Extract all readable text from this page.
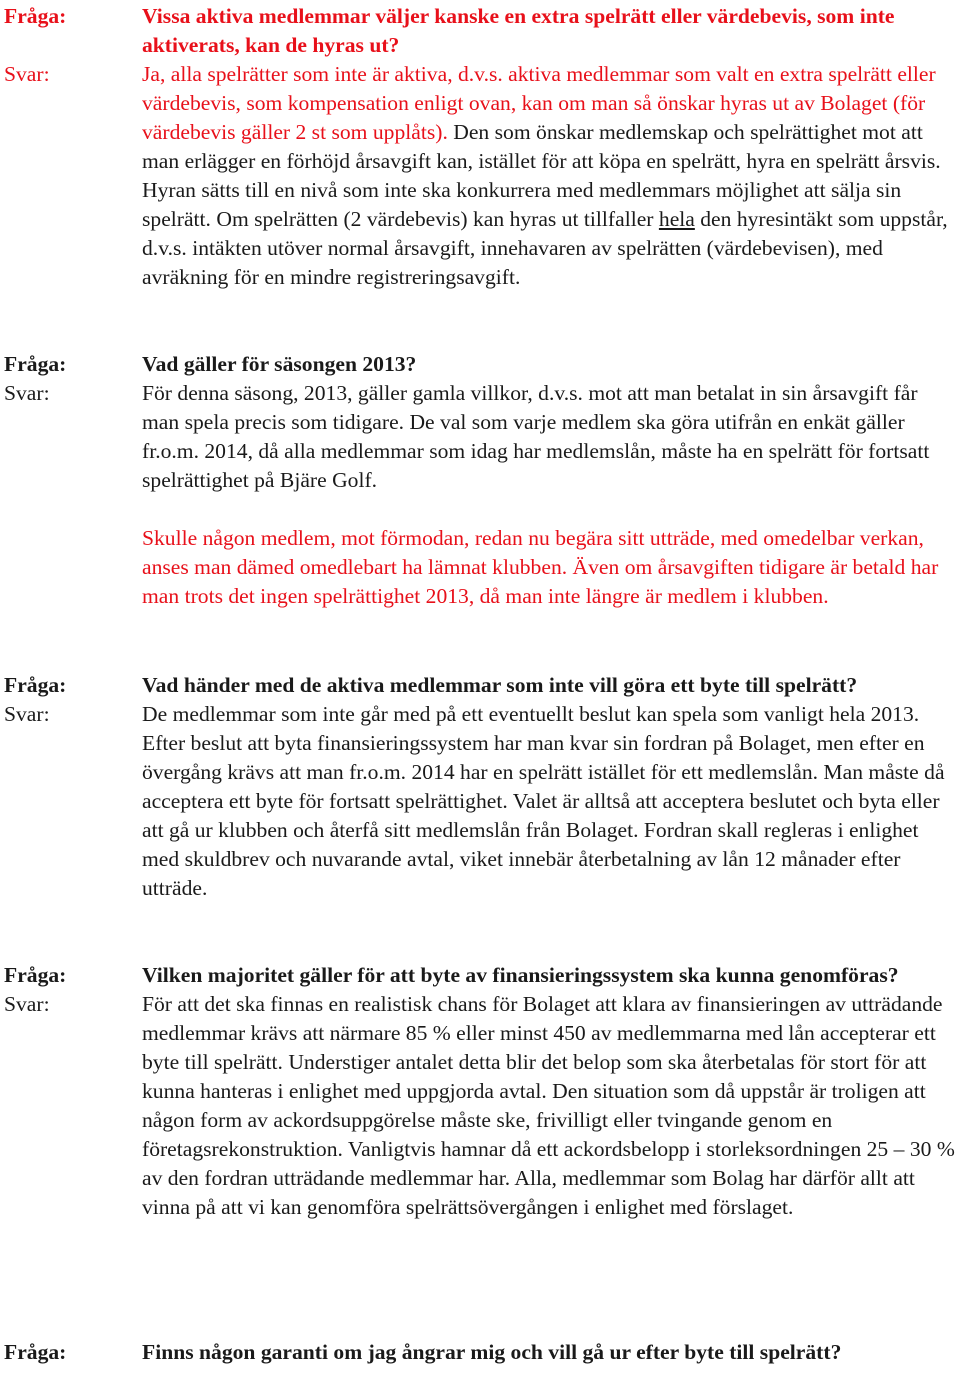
Fråga:	Vissa aktiva medlemmar väljer kanske en extra spelrätt eller värdebevis, som inte aktiverats, kan de hyras ut?
Svar:	Ja, alla spelrätter som inte är aktiva, d.v.s. aktiva medlemmar som valt en extra spelrätt eller värdebevis, som kompensation enligt ovan, kan om man så önskar hyras ut av Bolaget (för värdebevis gäller 2 st som upplåts). Den som önskar medlemskap och spelrättighet mot att man erlägger en förhöjd årsavgift kan, istället för att köpa en spelrätt, hyra en spelrätt årsvis. Hyran sätts till en nivå som inte ska konkurrera med medlemmars möjlighet att sälja sin spelrätt. Om spelrätten (2 värdebevis) kan hyras ut tillfaller hela den hyresintäkt som uppstår, d.v.s. intäkten utöver normal årsavgift, innehavaren av spelrätten (värdebevisen), med avräkning för en mindre registreringsavgift.
Fråga:	Vad gäller för säsongen 2013?
Svar:	För denna säsong, 2013, gäller gamla villkor, d.v.s. mot att man betalat in sin årsavgift får man spela precis som tidigare. De val som varje medlem ska göra utifrån en enkät gäller fr.o.m. 2014, då alla medlemmar som idag har medlemslån, måste ha en spelrätt för fortsatt spelrättighet på Bjäre Golf.
Skulle någon medlem, mot förmodan, redan nu begära sitt utträde, med omedelbar verkan, anses man dämed omedlebart ha lämnat klubben. Även om årsavgiften tidigare är betald har man trots det ingen spelrättighet 2013, då man inte längre är medlem i klubben.
Fråga:	Vad händer med de aktiva medlemmar som inte vill göra ett byte till spelrätt?
Svar:	De medlemmar som inte går med på ett eventuellt beslut kan spela som vanligt hela 2013. Efter beslut att byta finansieringssystem har man kvar sin fordran på Bolaget, men efter en övergång krävs att man fr.o.m. 2014 har en spelrätt istället för ett medlemslån. Man måste då acceptera ett byte för fortsatt spelrättighet. Valet är alltså att acceptera beslutet och byta eller att gå ur klubben och återfå sitt medlemslån från Bolaget. Fordran skall regleras i enlighet med skuldbrev och nuvarande avtal, viket innebär återbetalning av lån 12 månader efter utträde.
Fråga:	Vilken majoritet gäller för att byte av finansieringssystem ska kunna genomföras?
Svar:	För att det ska finnas en realistisk chans för Bolaget att klara av finansieringen av utträdande medlemmar krävs att närmare 85 % eller minst 450 av medlemmarna med lån accepterar ett byte till spelrätt. Understiger antalet detta blir det belop som ska återbetalas för stort för att kunna hanteras i enlighet med uppgjorda avtal. Den situation som då uppstår är troligen att någon form av ackordsuppgörelse måste ske, frivilligt eller tvingande genom en företagsrekonstruktion. Vanligtvis hamnar då ett ackordsbelopp i storleksordningen 25 – 30 % av den fordran utträdande medlemmar har. Alla, medlemmar som Bolag har därför allt att vinna på att vi kan genomföra spelrättsövergången i enlighet med förslaget.
Fråga:	Finns någon garanti om jag ångrar mig och vill gå ur efter byte till spelrätt?
